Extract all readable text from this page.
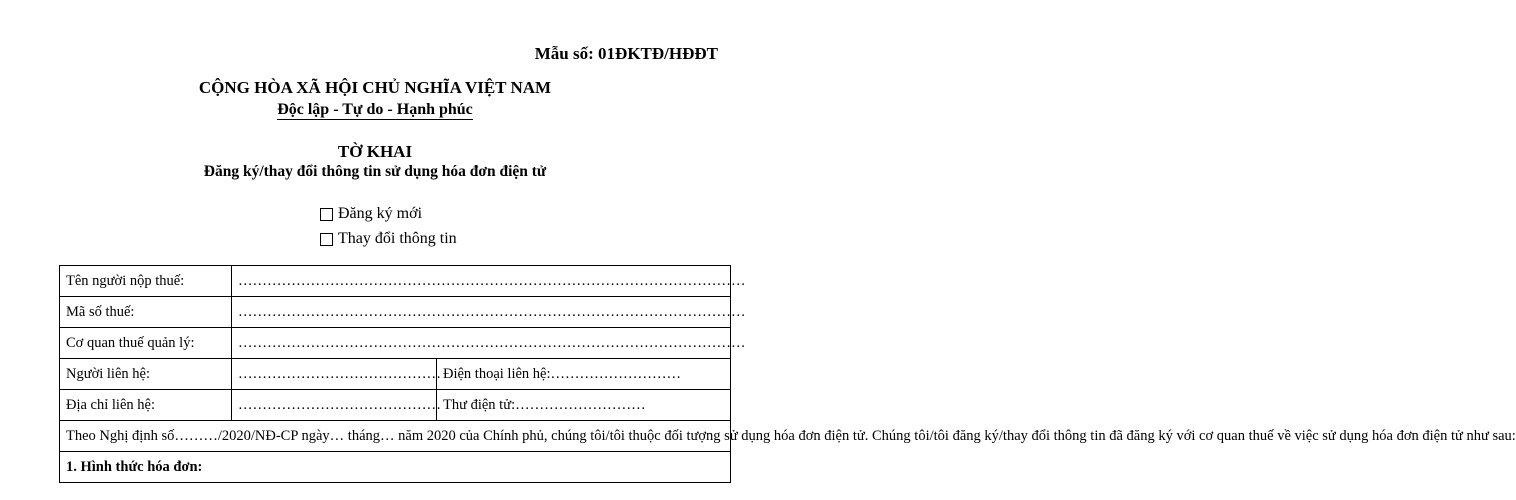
Mẫu số: 01ĐKTĐ/HĐĐT
CỘNG HÒA XÃ HỘI CHỦ NGHĨA VIỆT NAM
Độc lập - Tự do - Hạnh phúc
TỜ KHAI
Đăng ký/thay đổi thông tin sử dụng hóa đơn điện tử
Đăng ký mới
Thay đổi thông tin
Tên người nộp thuế:	……………………………………………………………………………………………	
Mã số thuế:	……………………………………………………………………………………………	
Cơ quan thuế quản lý:	……………………………………………………………………………………………	
Người liên hệ:	……………………………………	Điện thoại liên hệ:………………………
Địa chỉ liên hệ:	……………………………………	Thư điện tử:………………………
Theo Nghị định số………/2020/NĐ-CP ngày… tháng… năm 2020 của Chính phủ, chúng tôi/tôi thuộc đối tượng sử dụng hóa đơn điện tử. Chúng tôi/tôi đăng ký/thay đổi thông tin đã đăng ký với cơ quan thuế về việc sử dụng hóa đơn điện tử như sau:		
1. Hình thức hóa đơn:		
